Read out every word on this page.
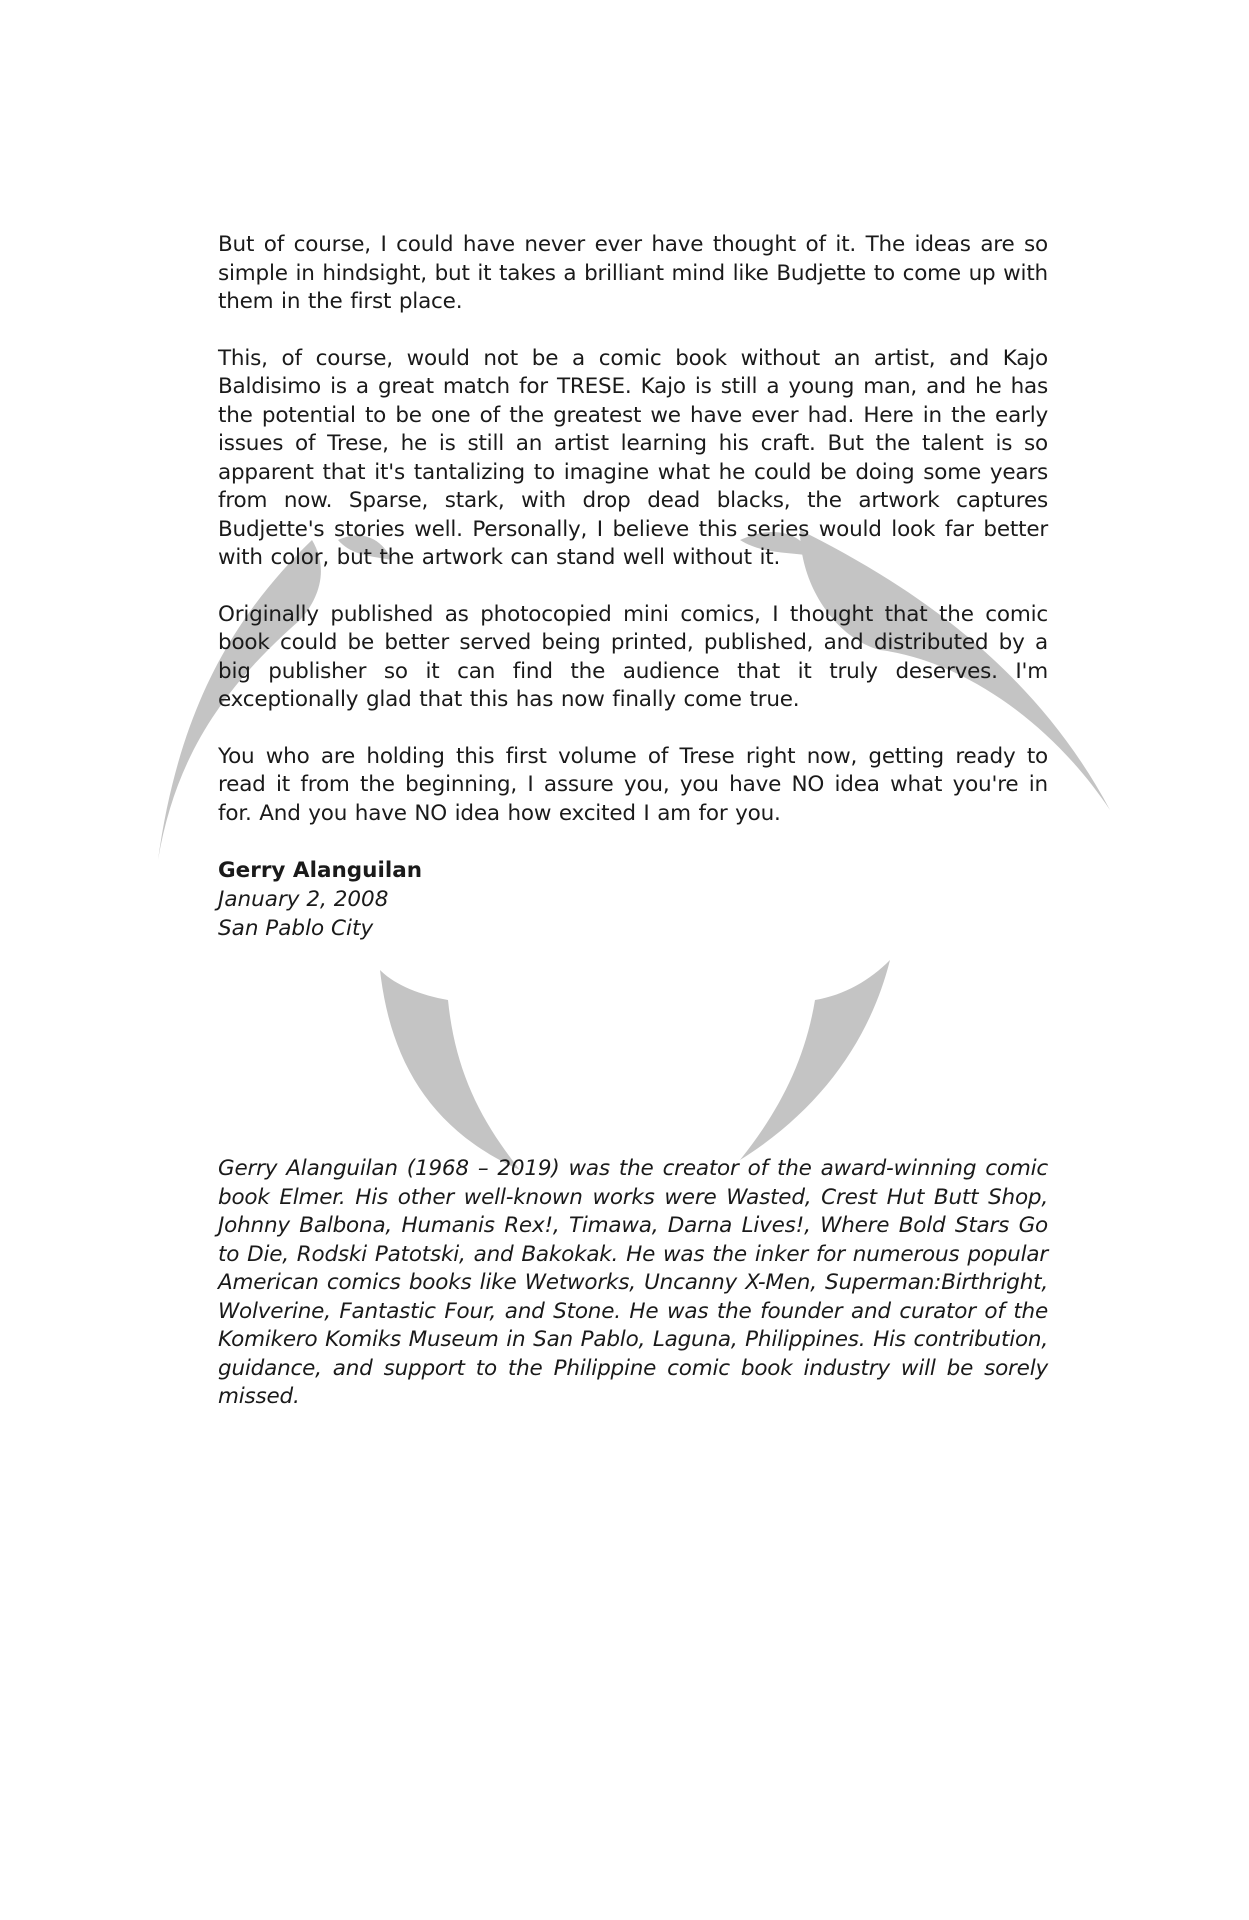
But of course, I could have never ever have thought of it. The ideas are so simple in hindsight, but it takes a brilliant mind like Budjette to come up with them in the first place.

This, of course, would not be a comic book without an artist, and Kajo Baldisimo is a great match for TRESE. Kajo is still a young man, and he has the potential to be one of the greatest we have ever had. Here in the early issues of Trese, he is still an artist learning his craft. But the talent is so apparent that it's tantalizing to imagine what he could be doing some years from now. Sparse, stark, with drop dead blacks, the artwork captures Budjette's stories well. Personally, I believe this series would look far better with color, but the artwork can stand well without it.

Originally published as photocopied mini comics, I thought that the comic book could be better served being printed, published, and distributed by a big publisher so it can find the audience that it truly deserves. I'm exceptionally glad that this has now finally come true.

You who are holding this first volume of Trese right now, getting ready to read it from the beginning, I assure you, you have NO idea what you're in for. And you have NO idea how excited I am for you.

Gerry Alanguilan

January 2, 2008

San Pablo City

Gerry Alanguilan (1968 – 2019) was the creator of the award-winning comic book Elmer. His other well-known works were Wasted, Crest Hut Butt Shop, Johnny Balbona, Humanis Rex!, Timawa, Darna Lives!, Where Bold Stars Go to Die, Rodski Patotski, and Bakokak. He was the inker for numerous popular American comics books like Wetworks, Uncanny X-Men, Superman:Birthright, Wolverine, Fantastic Four, and Stone. He was the founder and curator of the Komikero Komiks Museum in San Pablo, Laguna, Philippines. His contribution, guidance, and support to the Philippine comic book industry will be sorely missed.
